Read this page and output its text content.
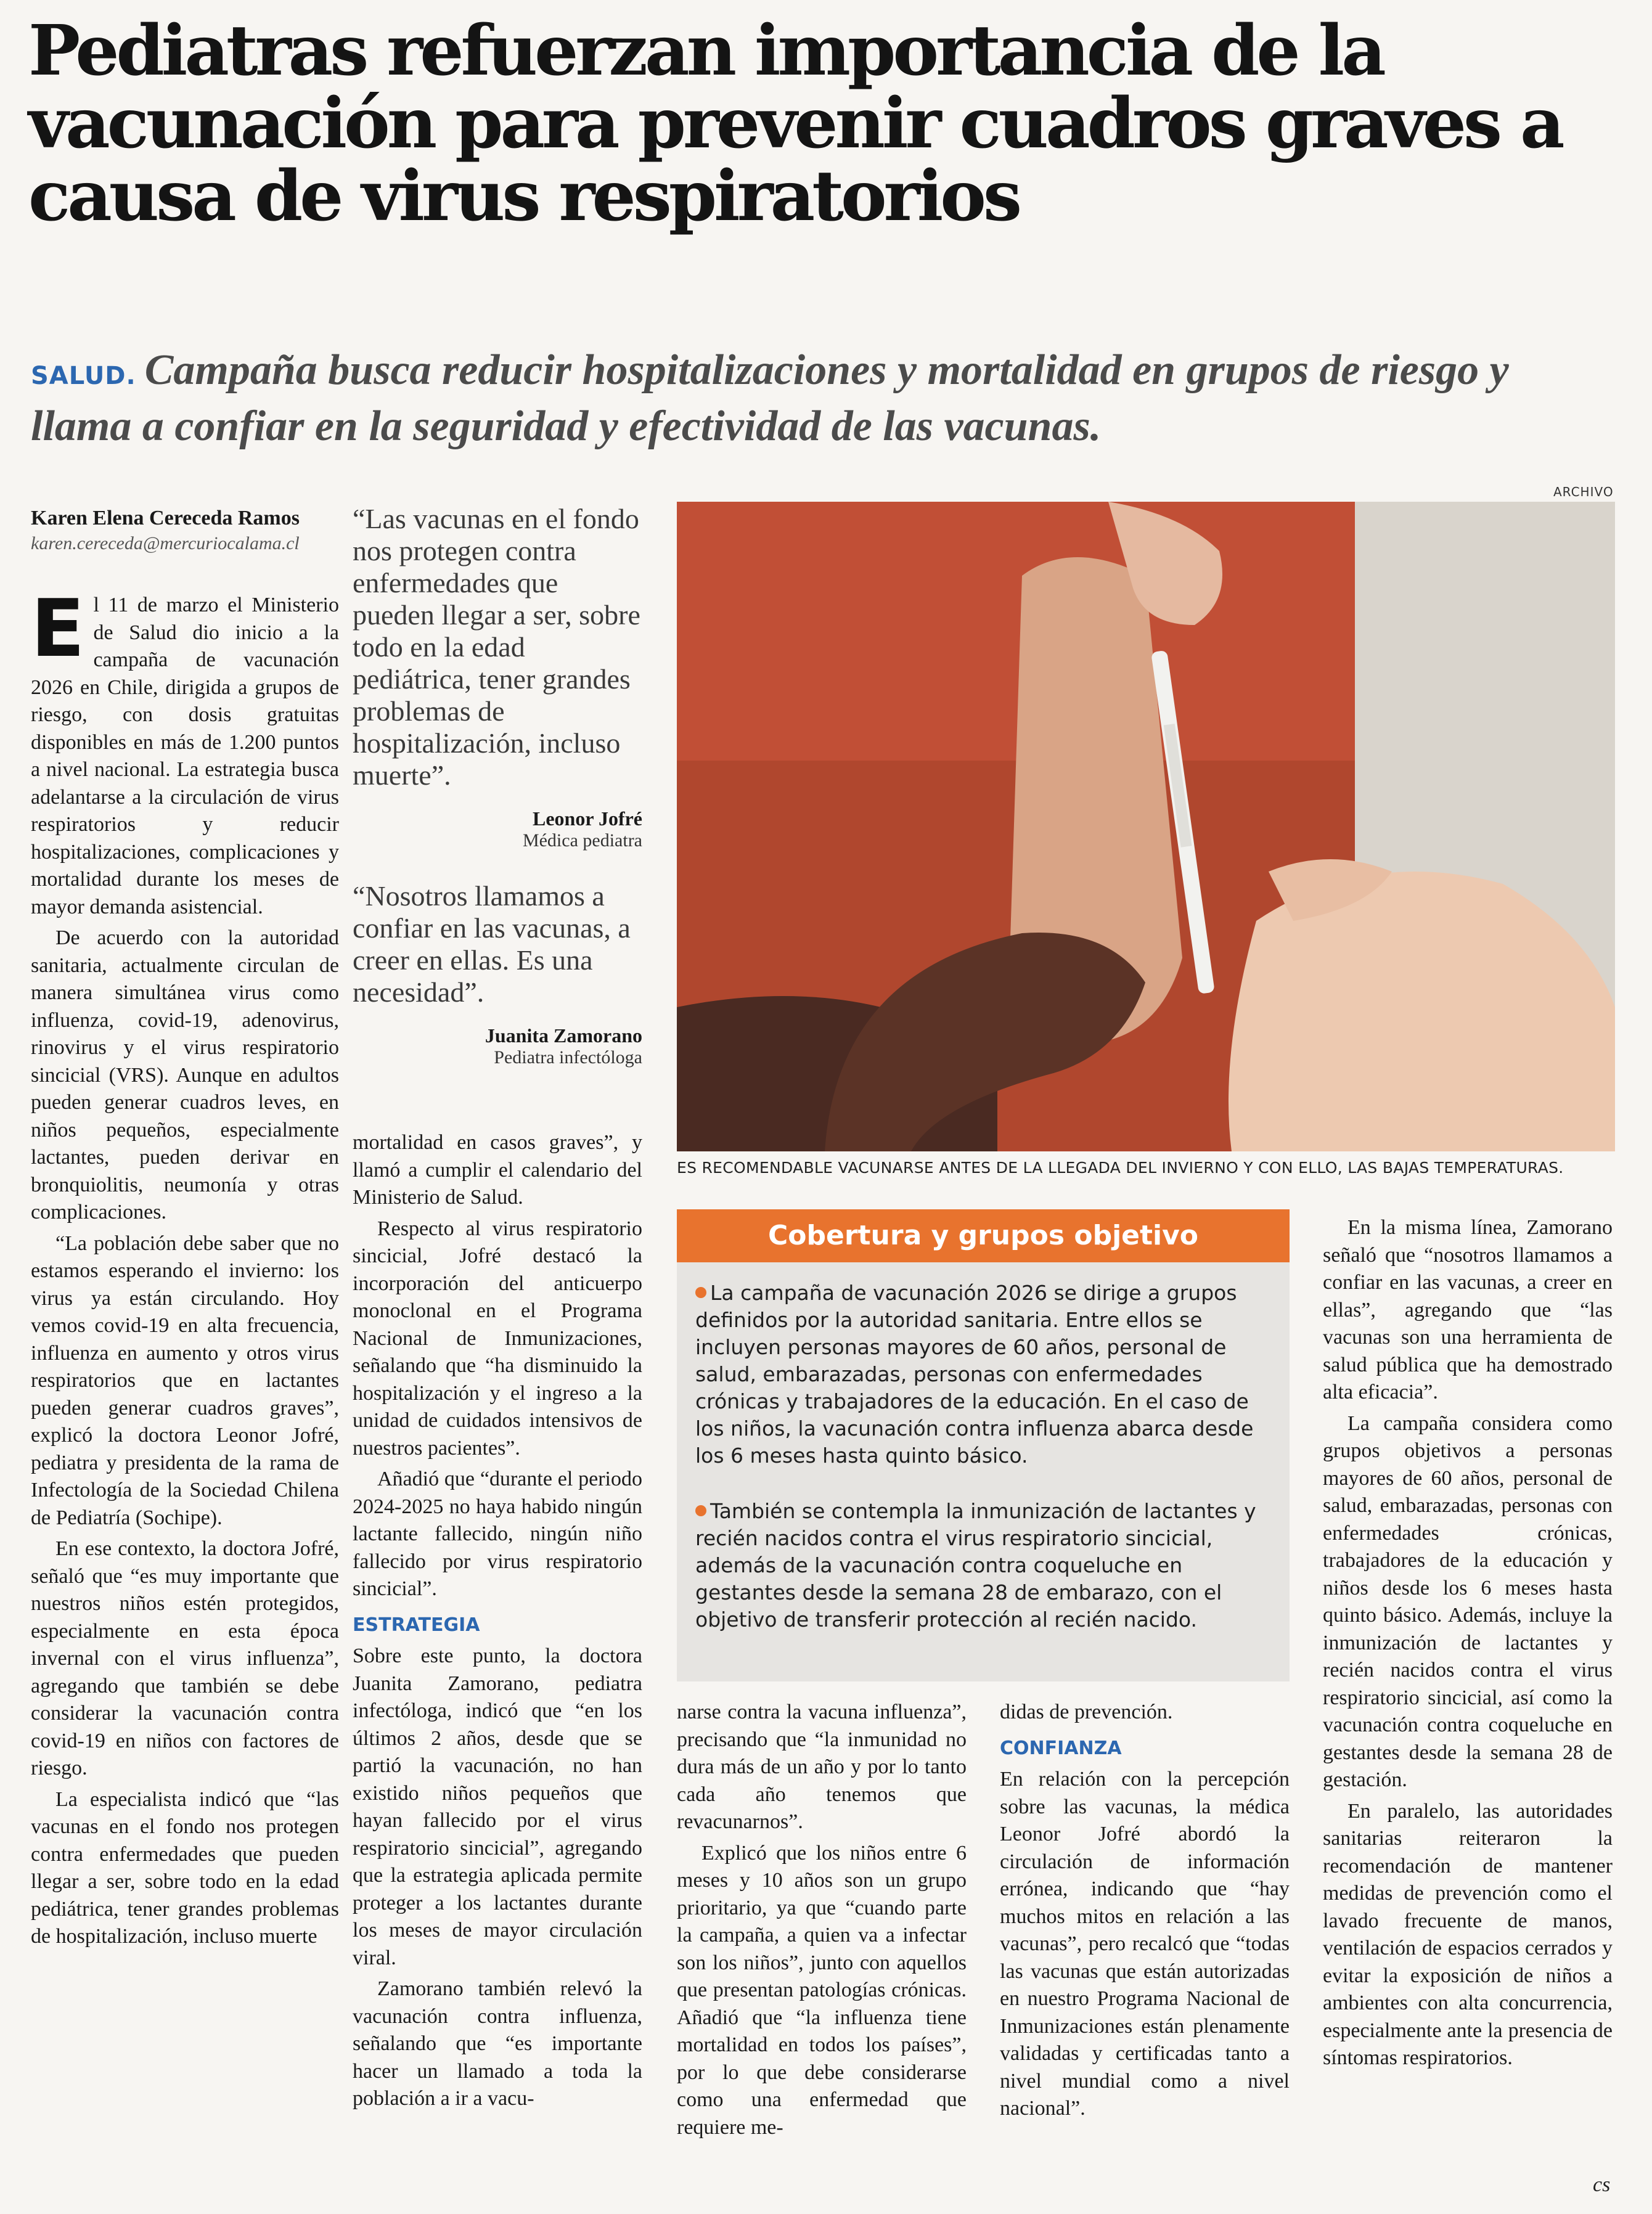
Pediatras refuerzan importancia de la vacunación para prevenir cuadros graves a causa de virus respiratorios
SALUD. Campaña busca reducir hospitalizaciones y mortalidad en grupos de riesgo y llama a confiar en la seguridad y efectividad de las vacunas.
Karen Elena Cereceda Ramos
karen.cereceda@mercuriocalama.cl

El 11 de marzo el Ministerio de Salud dio inicio a la campaña de vacunación 2026 en Chile, dirigida a grupos de riesgo, con dosis gratuitas disponibles en más de 1.200 puntos a nivel nacional. La estrategia busca adelantarse a la circulación de virus respiratorios y reducir hospitalizaciones, complicaciones y mortalidad durante los meses de mayor demanda asistencial.

De acuerdo con la autoridad sanitaria, actualmente circulan de manera simultánea virus como influenza, covid-19, adenovirus, rinovirus y el virus respiratorio sincicial (VRS). Aunque en adultos pueden generar cuadros leves, en niños pequeños, especialmente lactantes, pueden derivar en bronquiolitis, neumonía y otras complicaciones.

“La población debe saber que no estamos esperando el invierno: los virus ya están circulando. Hoy vemos covid-19 en alta frecuencia, influenza en aumento y otros virus respiratorios que en lactantes pueden generar cuadros graves”, explicó la doctora Leonor Jofré, pediatra y presidenta de la rama de Infectología de la Sociedad Chilena de Pediatría (Sochipe).

En ese contexto, la doctora Jofré, señaló que “es muy importante que nuestros niños estén protegidos, especialmente en esta época invernal con el virus influenza”, agregando que también se debe considerar la vacunación contra covid-19 en niños con factores de riesgo.

La especialista indicó que “las vacunas en el fondo nos protegen contra enfermedades que pueden llegar a ser, sobre todo en la edad pediátrica, tener grandes problemas de hospitalización, incluso muerte

“Las vacunas en el fondo nos protegen contra enfermedades que pueden llegar a ser, sobre todo en la edad pediátrica, tener grandes problemas de hospitalización, incluso muerte”.
Leonor Jofré
Médica pediatra
“Nosotros llamamos a confiar en las vacunas, a creer en ellas. Es una necesidad”.
Juanita Zamorano
Pediatra infectóloga

mortalidad en casos graves”, y llamó a cumplir el calendario del Ministerio de Salud.

Respecto al virus respiratorio sincicial, Jofré destacó la incorporación del anticuerpo monoclonal en el Programa Nacional de Inmunizaciones, señalando que “ha disminuido la hospitalización y el ingreso a la unidad de cuidados intensivos de nuestros pacientes”.

Añadió que “durante el periodo 2024-2025 no haya habido ningún lactante fallecido, ningún niño fallecido por virus respiratorio sincicial”.

ESTRATEGIA

Sobre este punto, la doctora Juanita Zamorano, pediatra infectóloga, indicó que “en los últimos 2 años, desde que se partió la vacunación, no han existido niños pequeños que hayan fallecido por el virus respiratorio sincicial”, agregando que la estrategia aplicada permite proteger a los lactantes durante los meses de mayor circulación viral.

Zamorano también relevó la vacunación contra influenza, señalando que “es importante hacer un llamado a toda la población a ir a vacu-

ARCHIVO
ES RECOMENDABLE VACUNARSE ANTES DE LA LLEGADA DEL INVIERNO Y CON ELLO, LAS BAJAS TEMPERATURAS.
Cobertura y grupos objetivo
La campaña de vacunación 2026 se dirige a grupos definidos por la autoridad sanitaria. Entre ellos se incluyen personas mayores de 60 años, personal de salud, embarazadas, personas con enfermedades crónicas y trabajadores de la educación. En el caso de los niños, la vacunación contra influenza abarca desde los 6 meses hasta quinto básico.
También se contempla la inmunización de lactantes y recién nacidos contra el virus respiratorio sincicial, además de la vacunación contra coqueluche en gestantes desde la semana 28 de embarazo, con el objetivo de transferir protección al recién nacido.

narse contra la vacuna influenza”, precisando que “la inmunidad no dura más de un año y por lo tanto cada año tenemos que revacunarnos”.

Explicó que los niños entre 6 meses y 10 años son un grupo prioritario, ya que “cuando parte la campaña, a quien va a infectar son los niños”, junto con aquellos que presentan patologías crónicas. Añadió que “la influenza tiene mortalidad en todos los países”, por lo que debe considerarse como una enfermedad que requiere me-

didas de prevención.

CONFIANZA

En relación con la percepción sobre las vacunas, la médica Leonor Jofré abordó la circulación de información errónea, indicando que “hay muchos mitos en relación a las vacunas”, pero recalcó que “todas las vacunas que están autorizadas en nuestro Programa Nacional de Inmunizaciones están plenamente validadas y certificadas tanto a nivel mundial como a nivel nacional”.

En la misma línea, Zamorano señaló que “nosotros llamamos a confiar en las vacunas, a creer en ellas”, agregando que “las vacunas son una herramienta de salud pública que ha demostrado alta eficacia”.

La campaña considera como grupos objetivos a personas mayores de 60 años, personal de salud, embarazadas, personas con enfermedades crónicas, trabajadores de la educación y niños desde los 6 meses hasta quinto básico. Además, incluye la inmunización de lactantes y recién nacidos contra el virus respiratorio sincicial, así como la vacunación contra coqueluche en gestantes desde la semana 28 de gestación.

En paralelo, las autoridades sanitarias reiteraron la recomendación de mantener medidas de prevención como el lavado frecuente de manos, ventilación de espacios cerrados y evitar la exposición de niños a ambientes con alta concurrencia, especialmente ante la presencia de síntomas respiratorios.

cs
